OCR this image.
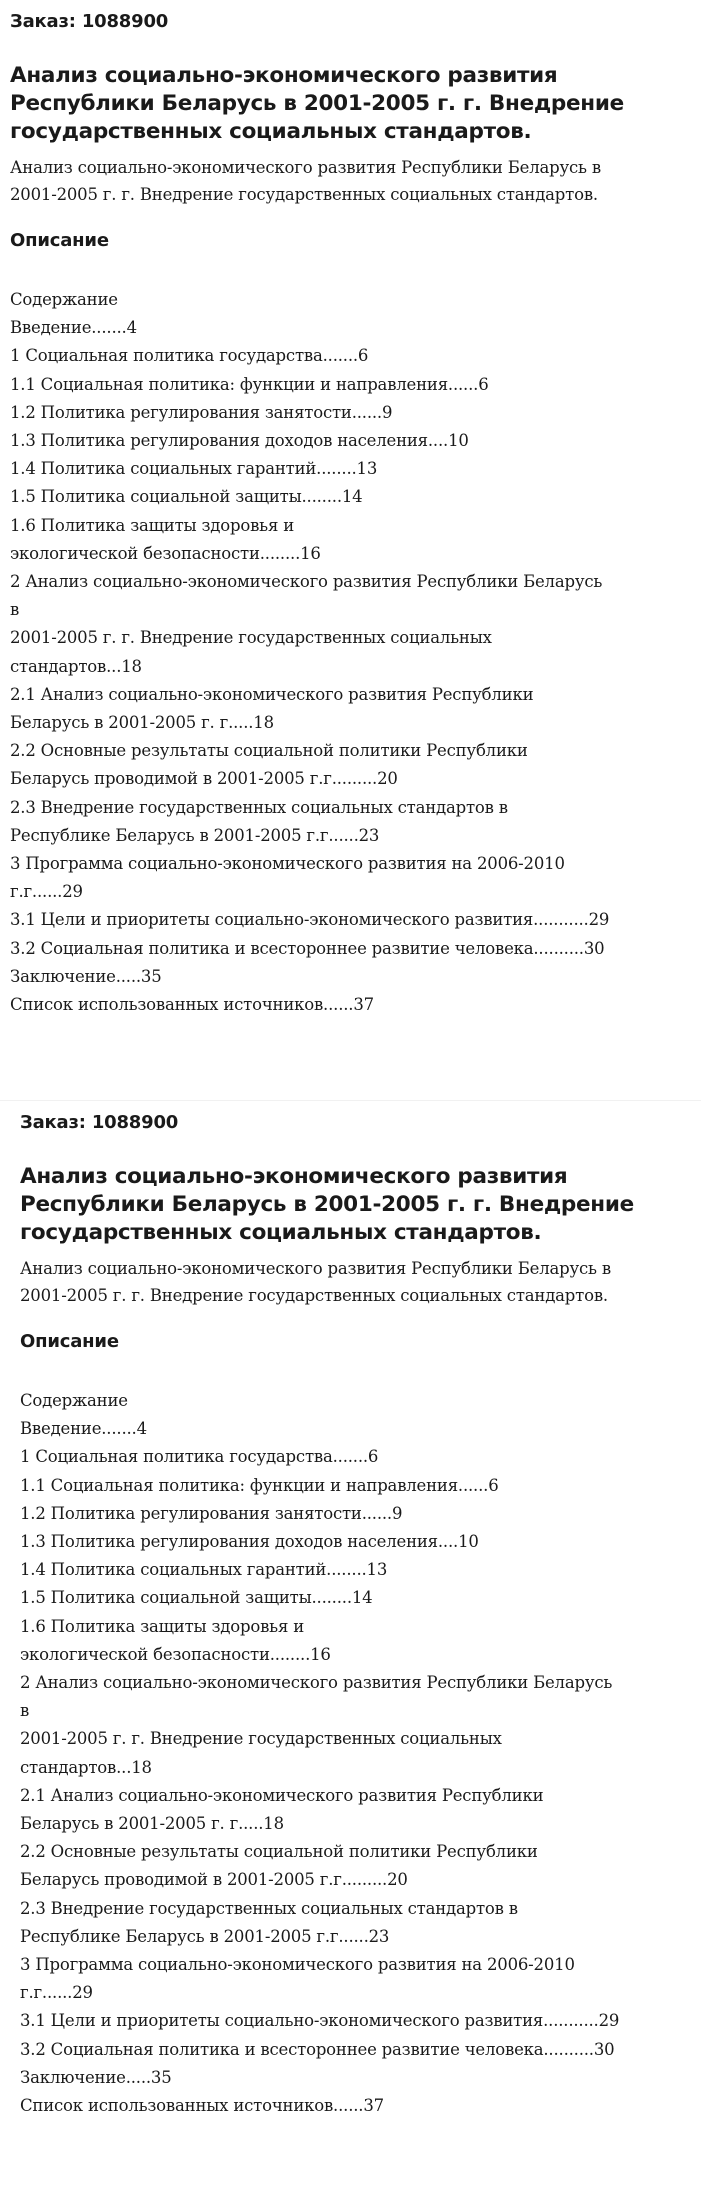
Заказ: 1088900
Анализ социально-экономического развития
Республики Беларусь в 2001-2005 г. г. Внедрение
государственных социальных стандартов.
Анализ социально-экономического развития Республики Беларусь в
2001-2005 г. г. Внедрение государственных социальных стандартов.
Описание
Содержание
Введение.......4
1 Социальная политика государства.......6
1.1 Социальная политика: функции и направления......6
1.2 Политика регулирования занятости......9
1.3 Политика регулирования доходов населения....10
1.4 Политика социальных гарантий........13
1.5 Политика социальной защиты........14
1.6 Политика защиты здоровья и
экологической безопасности........16
2 Анализ социально-экономического развития Республики Беларусь
в
2001-2005 г. г. Внедрение государственных социальных
стандартов...18
2.1 Анализ социально-экономического развития Республики
Беларусь в 2001-2005 г. г.....18
2.2 Основные результаты социальной политики Республики
Беларусь проводимой в 2001-2005 г.г.........20
2.3 Внедрение государственных социальных стандартов в
Республике Беларусь в 2001-2005 г.г......23
3 Программа социально-экономического развития на 2006-2010
г.г......29
3.1 Цели и приоритеты социально-экономического развития...........29
3.2 Социальная политика и всестороннее развитие человека..........30
Заключение.....35
Список использованных источников......37
Заказ: 1088900
Анализ социально-экономического развития
Республики Беларусь в 2001-2005 г. г. Внедрение
государственных социальных стандартов.
Анализ социально-экономического развития Республики Беларусь в
2001-2005 г. г. Внедрение государственных социальных стандартов.
Описание
Содержание
Введение.......4
1 Социальная политика государства.......6
1.1 Социальная политика: функции и направления......6
1.2 Политика регулирования занятости......9
1.3 Политика регулирования доходов населения....10
1.4 Политика социальных гарантий........13
1.5 Политика социальной защиты........14
1.6 Политика защиты здоровья и
экологической безопасности........16
2 Анализ социально-экономического развития Республики Беларусь
в
2001-2005 г. г. Внедрение государственных социальных
стандартов...18
2.1 Анализ социально-экономического развития Республики
Беларусь в 2001-2005 г. г.....18
2.2 Основные результаты социальной политики Республики
Беларусь проводимой в 2001-2005 г.г.........20
2.3 Внедрение государственных социальных стандартов в
Республике Беларусь в 2001-2005 г.г......23
3 Программа социально-экономического развития на 2006-2010
г.г......29
3.1 Цели и приоритеты социально-экономического развития...........29
3.2 Социальная политика и всестороннее развитие человека..........30
Заключение.....35
Список использованных источников......37
